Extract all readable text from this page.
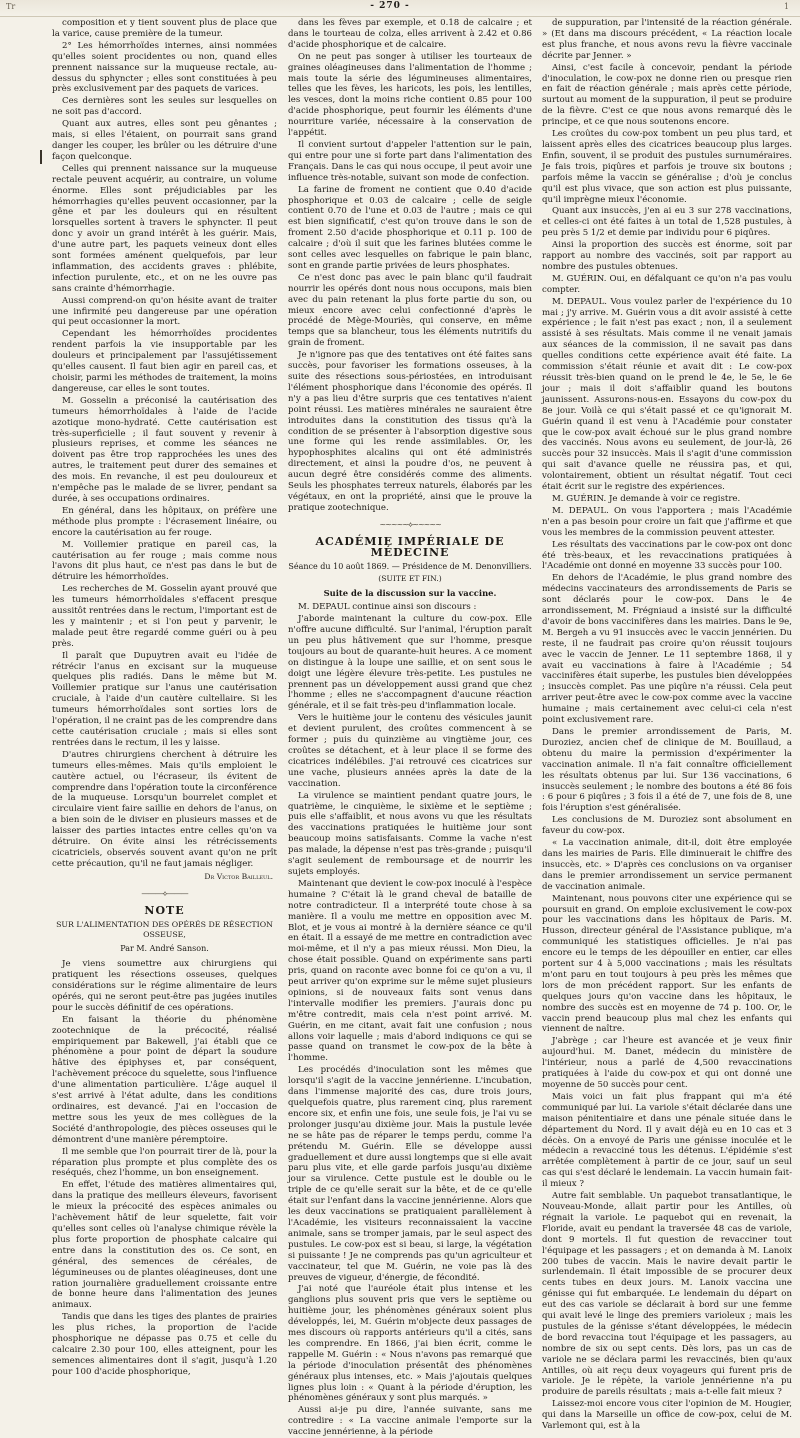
Tr	- 270 -	1

composition et y tient souvent plus de place que la varice, cause première de la tumeur.

2° Les hémorrhoïdes internes, ainsi nommées qu'elles soient procidentes ou non, quand elles prennent naissance sur la muqueuse rectale, au-dessus du sphyncter ; elles sont constituées à peu près exclusivement par des paquets de varices.

Ces dernières sont les seules sur lesquelles on ne soit pas d'accord.

Quant aux autres, elles sont peu gênantes ; mais, si elles l'étaient, on pourrait sans grand danger les couper, les brûler ou les détruire d'une façon quelconque.

Celles qui prennent naissance sur la muqueuse rectale peuvent acquérir, au contraire, un volume énorme. Elles sont préjudiciables par les hémorrhagies qu'elles peuvent occasionner, par la gêne et par les douleurs qui en résultent lorsquelles sortent à travers le sphyncter. Il peut donc y avoir un grand intérêt à les guérir. Mais, d'une autre part, les paquets veineux dont elles sont formées aménent quelquefois, par leur inflammation, des accidents graves : phlébite, infection purulente, etc., et on ne les ouvre pas sans crainte d'hémorrhagie.

Aussi comprend-on qu'on hésite avant de traiter une infirmité peu dangereuse par une opération qui peut occasionner la mort.

Cependant les hémorrhoïdes procidentes rendent parfois la vie insupportable par les douleurs et principalement par l'assujétissement qu'elles causent. Il faut bien agir en pareil cas, et choisir, parmi les méthodes de traitement, la moins dangereuse, car elles le sont toutes.

M. Gosselin a préconisé la cautérisation des tumeurs hémorrhoïdales à l'aide de l'acide azotique mono-hydraté. Cette cautérisation est très-superficielle ; il faut souvent y revenir à plusieurs reprises, et comme les séances ne doivent pas être trop rapprochées les unes des autres, le traitement peut durer des semaines et des mois. En revanche, il est peu douloureux et n'empêche pas le malade de se livrer, pendant sa durée, à ses occupations ordinaires.

En général, dans les hôpitaux, on préfère une méthode plus prompte : l'écrasement linéaire, ou encore la cautérisation au fer rouge.

M. Voillemier pratique en pareil cas, la cautérisation au fer rouge ; mais comme nous l'avons dit plus haut, ce n'est pas dans le but de détruire les hémorrhoïdes.

Les recherches de M. Gosselin ayant prouvé que les tumeurs hémorrhoïdales s'effacent presque aussitôt rentrées dans le rectum, l'important est de les y maintenir ; et si l'on peut y parvenir, le malade peut être regardé comme guéri ou à peu près.

Il paraît que Dupuytren avait eu l'idée de rétrécir l'anus en excisant sur la muqueuse quelques plis radiés. Dans le même but M. Voillemier pratique sur l'anus une cautérisation cruciale, à l'aide d'un cautère cultellaire. Si les tumeurs hémorrhoïdales sont sorties lors de l'opération, il ne craint pas de les comprendre dans cette cautérisation cruciale ; mais si elles sont rentrées dans le rectum, il les y laisse.

D'autres chirurgiens cherchent à détruire les tumeurs elles-mêmes. Mais qu'ils emploient le cautère actuel, ou l'écraseur, ils évitent de comprendre dans l'opération toute la circonférence de la muqueuse. Lorsqu'un bourrelet complet et circulaire vient faire saillie en dehors de l'anus, on a bien soin de le diviser en plusieurs masses et de laisser des parties intactes entre celles qu'on va détruire. On évite ainsi les rétrécissements cicatriciels, observés souvent avant qu'on ne prît cette précaution, qu'il ne faut jamais négliger.

Dr Victor Bailleul.
———⟡———
NOTE
SUR L'ALIMENTATION DES OPÉRÉS DE RÉSECTION OSSEUSE,
Par M. André Sanson.

Je viens soumettre aux chirurgiens qui pratiquent les résections osseuses, quelques considérations sur le régime alimentaire de leurs opérés, qui ne seront peut-être pas jugées inutiles pour le succès définitif de ces opérations.

En faisant la théorie du phénomène zootechnique de la précocité, réalisé empiriquement par Bakewell, j'ai établi que ce phénomène a pour point de départ la soudure hâtive des épiphyses et, par conséquent, l'achèvement précoce du squelette, sous l'influence d'une alimentation particulière. L'âge auquel il s'est arrivé à l'état adulte, dans les conditions ordinaires, est devancé. J'ai en l'occasion de mettre sous les yeux de mes collègues de la Société d'anthropologie, des pièces osseuses qui le démontrent d'une manière péremptoire.

Il me semble que l'on pourrait tirer de là, pour la réparation plus prompte et plus complète des os reséqués, chez l'homme, un bon enseignement.

En effet, l'étude des matières alimentaires qui, dans la pratique des meilleurs éleveurs, favorisent le mieux la précocité des espèces animales ou l'achèvement hâtif de leur squelette, fait voir qu'elles sont celles où l'analyse chimique révèle la plus forte proportion de phosphate calcaire qui entre dans la constitution des os. Ce sont, en général, des semences de céréales, de légumineuses ou de plantes oléagineuses, dont une ration journalière graduellement croissante entre de bonne heure dans l'alimentation des jeunes animaux.

Tandis que dans les tiges des plantes de prairies les plus riches, la proportion de l'acide phosphorique ne dépasse pas 0.75 et celle du calcaire 2.30 pour 100, elles atteignent, pour les semences alimentaires dont il s'agit, jusqu'à 1.20 pour 100 d'acide phosphorique,

dans les fèves par exemple, et 0.18 de calcaire ; et dans le tourteau de colza, elles arrivent à 2.42 et 0.86 d'acide phosphorique et de calcaire.

On ne peut pas songer à utiliser les tourteaux de graines oléagineuses dans l'alimentation de l'homme ; mais toute la série des légumineuses alimentaires, telles que les fèves, les haricots, les pois, les lentilles, les vesces, dont la moins riche contient 0.85 pour 100 d'acide phosphorique, peut fournir les éléments d'une nourriture variée, nécessaire à la conservation de l'appétit.

Il convient surtout d'appeler l'attention sur le pain, qui entre pour une si forte part dans l'alimentation des Français. Dans le cas qui nous occupe, il peut avoir une influence très-notable, suivant son mode de confection.

La farine de froment ne contient que 0.40 d'acide phosphorique et 0.03 de calcaire ; celle de seigle contient 0.70 de l'une et 0.03 de l'autre ; mais ce qui est bien significatif, c'est qu'on trouve dans le son de froment 2.50 d'acide phosphorique et 0.11 p. 100 de calcaire ; d'où il suit que les farines blutées comme le sont celles avec lesquelles on fabrique le pain blanc, sont en grande partie privées de leurs phosphates.

Ce n'est donc pas avec le pain blanc qu'il faudrait nourrir les opérés dont nous nous occupons, mais bien avec du pain retenant la plus forte partie du son, ou mieux encore avec celui confectionné d'après le procédé de Mège-Mouriès, qui conserve, en même temps que sa blancheur, tous les éléments nutritifs du grain de froment.

Je n'ignore pas que des tentatives ont été faites sans succès, pour favoriser les formations osseuses, à la suite des résections sous-périostées, en introduisant l'élément phosphorique dans l'économie des opérés. Il n'y a pas lieu d'être surpris que ces tentatives n'aient point réussi. Les matières minérales ne sauraient être introduites dans la constitution des tissus qu'à la condition de se présenter à l'absorption digestive sous une forme qui les rende assimilables. Or, les hypophosphites alcalins qui ont été administrés directement, et ainsi la poudre d'os, ne peuvent à aucun degré être considérés comme des aliments. Seuls les phosphates terreux naturels, élaborés par les végétaux, en ont la propriété, ainsi que le prouve la pratique zootechnique.

~~~~~⟡~~~~~
ACADÉMIE IMPÉRIALE DE MÉDECINE
Séance du 10 août 1869. — Présidence de M. Denonvilliers.
(SUITE ET FIN.)
Suite de la discussion sur la vaccine.

M. DEPAUL continue ainsi son discours :

J'aborde maintenant la culture du cow-pox. Elle n'offre aucune difficulté. Sur l'animal, l'éruption paraît un peu plus hâtivement que sur l'homme, presque toujours au bout de quarante-huit heures. A ce moment on distingue à la loupe une saillie, et on sent sous le doigt une légère élevure très-petite. Les pustules ne prennent pas un développement aussi grand que chez l'homme ; elles ne s'accompagnent d'aucune réaction générale, et il se fait très-peu d'inflammation locale.

Vers le huitième jour le contenu des vésicules jaunit et devient purulent, des croûtes commencent à se former ; puis du quinzième au vingtième jour, ces croûtes se détachent, et à leur place il se forme des cicatrices indélébiles. J'ai retrouvé ces cicatrices sur une vache, plusieurs années après la date de la vaccination.

La virulence se maintient pendant quatre jours, le quatrième, le cinquième, le sixième et le septième ; puis elle s'affaiblit, et nous avons vu que les résultats des vaccinations pratiquées le huitième jour sont beaucoup moins satisfaisants. Comme la vache n'est pas malade, la dépense n'est pas très-grande ; puisqu'il s'agit seulement de remboursage et de nourrir les sujets employés.

Maintenant que devient le cow-pox inoculé à l'espèce humaine ? C'était là le grand cheval de bataille de notre contradicteur. Il a interprété toute chose à sa manière. Il a voulu me mettre en opposition avec M. Blot, et je vous ai montré à la dernière séance ce qu'il en était. Il a essayé de me mettre en contradiction avec moi-même, et il n'y a pas mieux réussi. Mon Dieu, la chose était possible. Quand on expérimente sans parti pris, quand on raconte avec bonne foi ce qu'on a vu, il peut arriver qu'on exprime sur le même sujet plusieurs opinions, si de nouveaux faits sont venus dans l'intervalle modifier les premiers. J'aurais donc pu m'être contredit, mais cela n'est point arrivé. M. Guérin, en me citant, avait fait une confusion ; nous allons voir laquelle ; mais d'abord indiquons ce qui se passe quand on transmet le cow-pox de la bête à l'homme.

Les procédés d'inoculation sont les mêmes que lorsqu'il s'agit de la vaccine jennérienne. L'incubation, dans l'immense majorité des cas, dure trois jours, quelquefois quatre, plus rarement cinq, plus rarement encore six, et enfin une fois, une seule fois, je l'ai vu se prolonger jusqu'au dixième jour. Mais la pustule levée ne se hâte pas de réparer le temps perdu, comme l'a prétendu M. Guérin. Elle se développe aussi graduellement et dure aussi longtemps que si elle avait paru plus vite, et elle garde parfois jusqu'au dixième jour sa virulence. Cette pustule est le double ou le triple de ce qu'elle serait sur la bête, et de ce qu'elle était sur l'enfant dans la vaccine jennérienne. Alors que les deux vaccinations se pratiquaient parallèlement à l'Académie, les visiteurs reconnaissaient la vaccine animale, sans se tromper jamais, par le seul aspect des pustules. Le cow-pox est si beau, si large, la végétation si puissante ! Je ne comprends pas qu'un agriculteur et vaccinateur, tel que M. Guérin, ne voie pas là des preuves de vigueur, d'énergie, de fécondité.

J'ai noté que l'auréole était plus intense et les ganglions plus souvent pris que vers le septième ou huitième jour, les phénomènes généraux soient plus développés, lei, M. Guérin m'objecte deux passages de mes discours où rapports antérieurs qu'il a cités, sans les comprendre. En 1866, j'ai bien écrit, comme le rappelle M. Guérin : « Nous n'avons pas remarqué que la période d'inoculation présentât des phénomènes généraux plus intenses, etc. » Mais j'ajoutais quelques lignes plus loin : « Quant à la période d'éruption, les phénomènes généraux y sont plus marqués. »

Aussi ai-je pu dire, l'année suivante, sans me contredire : « La vaccine animale l'emporte sur la vaccine jennérienne, à la période

de suppuration, par l'intensité de la réaction générale. » (Et dans ma discours précédent, « La réaction locale est plus franche, et nous avons revu la fièvre vaccinale décrite par Jenner. »

Ainsi, c'est facile à concevoir, pendant la période d'inoculation, le cow-pox ne donne rien ou presque rien en fait de réaction générale ; mais après cette période, surtout au moment de la suppuration, il peut se produire de la fièvre. C'est ce que nous avons remarqué dès le principe, et ce que nous soutenons encore.

Les croûtes du cow-pox tombent un peu plus tard, et laissent après elles des cicatrices beaucoup plus larges. Enfin, souvent, il se produit des pustules surnuméraires. Je fais trois, piqûres et parfois je trouve six boutons ; parfois même la vaccin se généralise ; d'où je conclus qu'il est plus vivace, que son action est plus puissante, qu'il imprègne mieux l'économie.

Quant aux insuccès, j'en ai eu 3 sur 278 vaccinations, et celles-ci ont été faites à un total de 1,528 pustules, à peu près 5 1/2 et demie par individu pour 6 piqûres.

Ainsi la proportion des succès est énorme, soit par rapport au nombre des vaccinés, soit par rapport au nombre des pustules obtenues.

M. GUÉRIN. Oui, en défalquant ce qu'on n'a pas voulu compter.

M. DEPAUL. Vous voulez parler de l'expérience du 10 mai ; j'y arrive. M. Guérin vous a dit avoir assisté à cette expérience ; le fait n'est pas exact ; non, il a seulement assisté à ses résultats. Mais comme il ne venait jamais aux séances de la commission, il ne savait pas dans quelles conditions cette expérience avait été faite. La commission s'était réunie et avait dit : Le cow-pox réussit très-bien quand on le prend le 4e, le 5e, le 6e jour ; mais il doit s'affaiblir quand les boutons jaunissent. Assurons-nous-en. Essayons du cow-pox du 8e jour. Voilà ce qui s'était passé et ce qu'ignorait M. Guérin quand il est venu à l'Académie pour constater que le cow-pox avait échoué sur le plus grand nombre des vaccinés. Nous avons eu seulement, de jour-là, 26 succès pour 32 insuccès. Mais il s'agit d'une commission qui sait d'avance quelle ne réussira pas, et qui, volontairement, obtient un résultat négatif. Tout ceci était écrit sur le registre des expériences.

M. GUÉRIN. Je demande à voir ce registre.

M. DEPAUL. On vous l'apportera ; mais l'Académie n'en a pas besoin pour croire un fait que j'affirme et que vous les membres de la commission peuvent attester.

Les résultats des vaccinations par le cow-pox ont donc été très-beaux, et les revaccinations pratiquées à l'Académie ont donné en moyenne 33 succès pour 100.

En dehors de l'Académie, le plus grand nombre des médecins vaccinateurs des arrondissements de Paris se sont déclarés pour le cow-pox. Dans le 4e arrondissement, M. Frégniaud a insisté sur la difficulté d'avoir de bons vaccinifères dans les mairies. Dans le 9e, M. Bergeh a vu 91 insuccès avec le vaccin jennérien. Du reste, il ne faudrait pas croire qu'on réussit toujours avec le vaccin de Jenner. Le 11 septembre 1868, il y avait eu vaccinations à faire à l'Académie ; 54 vaccinifères était superbe, les pustules bien développées ; insuccès complet. Pas une piqûre n'a réussi. Cela peut arriver peut-être avec le cow-pox comme avec la vaccine humaine ; mais certainement avec celui-ci cela n'est point exclusivement rare.

Dans le premier arrondissement de Paris, M. Duroziez, ancien chef de clinique de M. Bouillaud, a obtenu du maire la permission d'expérimenter la vaccination animale. Il n'a fait connaître officiellement les résultats obtenus par lui. Sur 136 vaccinations, 6 insuccès seulement ; le nombre des boutons a été 86 fois : 6 pour 6 piqûres ; 3 fois il a été de 7, une fois de 8, une fois l'éruption s'est généralisée.

Les conclusions de M. Duroziez sont absolument en faveur du cow-pox.

« La vaccination animale, dit-il, doit être employée dans les mairies de Paris. Elle diminuerait le chiffre des insuccès, etc. » D'après ces conclusions on va organiser dans le premier arrondissement un service permanent de vaccination animale.

Maintenant, nous pouvons citer une expérience qui se poursuit en grand. On emploie exclusivement le cow-pox pour les vaccinations dans les hôpitaux de Paris. M. Husson, directeur général de l'Assistance publique, m'a communiqué les statistiques officielles. Je n'ai pas encore eu le temps de les dépouiller en entier, car elles portent sur 4 à 5,000 vaccinations ; mais les résultats m'ont paru en tout toujours à peu près les mêmes que lors de mon précédent rapport. Sur les enfants de quelques jours qu'on vaccine dans les hôpitaux, le nombre des succès est en moyenne de 74 p. 100. Or, le vaccin prend beaucoup plus mal chez les enfants qui viennent de naître.

J'abrège ; car l'heure est avancée et je veux finir aujourd'hui. M. Danet, médecin du ministère de l'intérieur, nous a parlé de 4,500 revaccinations pratiquées à l'aide du cow-pox et qui ont donné une moyenne de 50 succès pour cent.

Mais voici un fait plus frappant qui m'a été communiqué par lui. La variole s'était déclarée dans une maison pénitentiaire et dans une pénale située dans le département du Nord. Il y avait déjà eu en 10 cas et 3 décès. On a envoyé de Paris une génisse inoculée et le médecin a revacciné tous les détenus. L'épidémie s'est arrêtée complètement à partir de ce jour, sauf un seul cas qui s'est déclaré le lendemain. La vaccin humain fait-il mieux ?

Autre fait semblable. Un paquebot transatlantique, le Nouveau-Monde, allait partir pour les Antilles, où régnait la variole. Le paquebot qui en revenait, la Floride, avait eu pendant la traversée 48 cas de variole, dont 9 mortels. Il fut question de revacciner tout l'équipage et les passagers ; et on demanda à M. Lanoix 200 tubes de vaccin. Mais le navire devait partir le surlendemain. Il était impossible de se procurer deux cents tubes en deux jours. M. Lanoix vaccina une génisse qui fut embarquée. Le lendemain du départ on eut des cas variole se déclarait à bord sur une femme qui avait levé le linge des premiers varioleux ; mais les pustules de la génisse s'étant développées, le médecin de bord revaccina tout l'équipage et les passagers, au nombre de six ou sept cents. Dès lors, pas un cas de variole ne se déclara parmi les revaccinés, bien qu'aux Antilles, où ait reçu deux voyageurs qui furent pris de variole. Je le répète, la variole jennérienne n'a pu produire de pareils résultats ; mais a-t-elle fait mieux ?

Laissez-moi encore vous citer l'opinion de M. Hougier, qui dans la Marseille un office de cow-pox, celui de M. Varlemont qui, est à la
